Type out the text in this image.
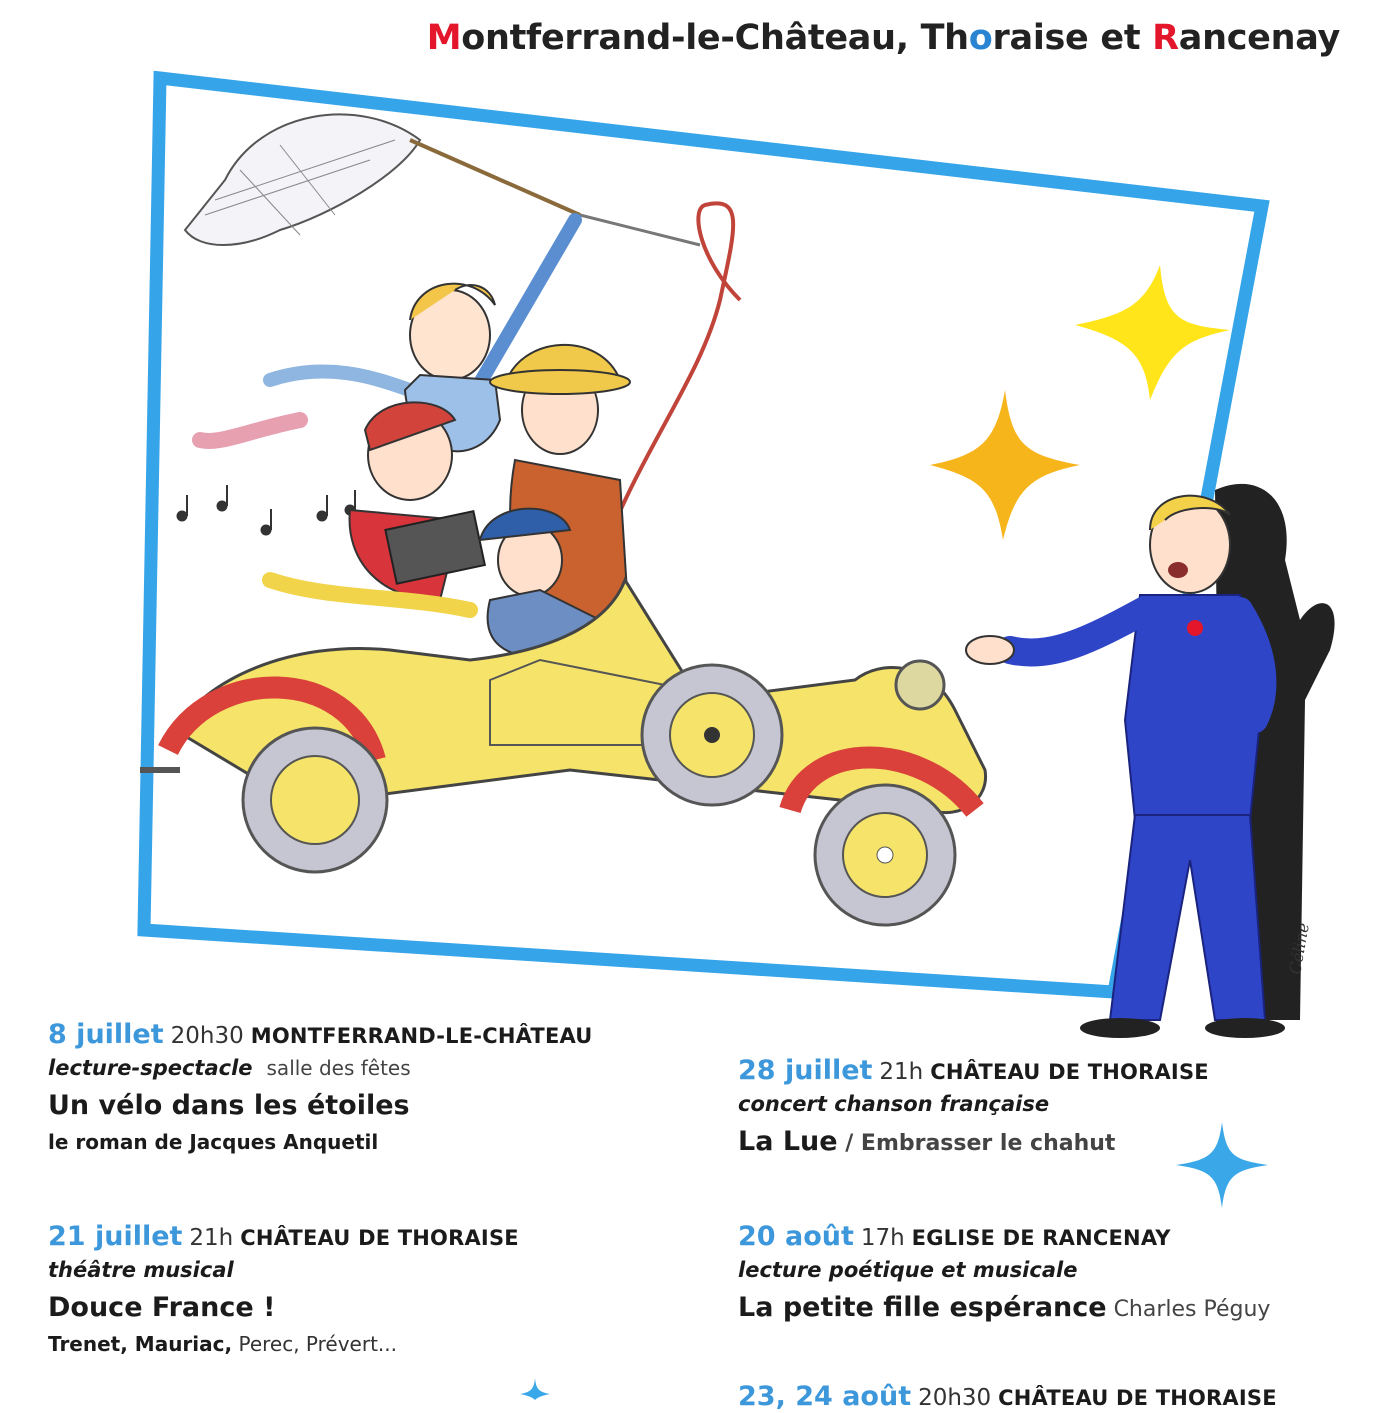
Montferrand-le-Château, Thoraise et Rancenay
Céline
8 juillet 20h30 MONTFERRAND-LE-CHÂTEAU
lecture-spectacle salle des fêtes
Un vélo dans les étoiles
le roman de Jacques Anquetil
21 juillet 21h CHÂTEAU DE THORAISE
théâtre musical
Douce France !
Trenet, Mauriac, Perec, Prévert...
28 juillet 21h CHÂTEAU DE THORAISE
concert chanson française
La Lue / Embrasser le chahut
20 août 17h EGLISE DE RANCENAY
lecture poétique et musicale
La petite fille espérance Charles Péguy
23, 24 août 20h30 CHÂTEAU DE THORAISE
